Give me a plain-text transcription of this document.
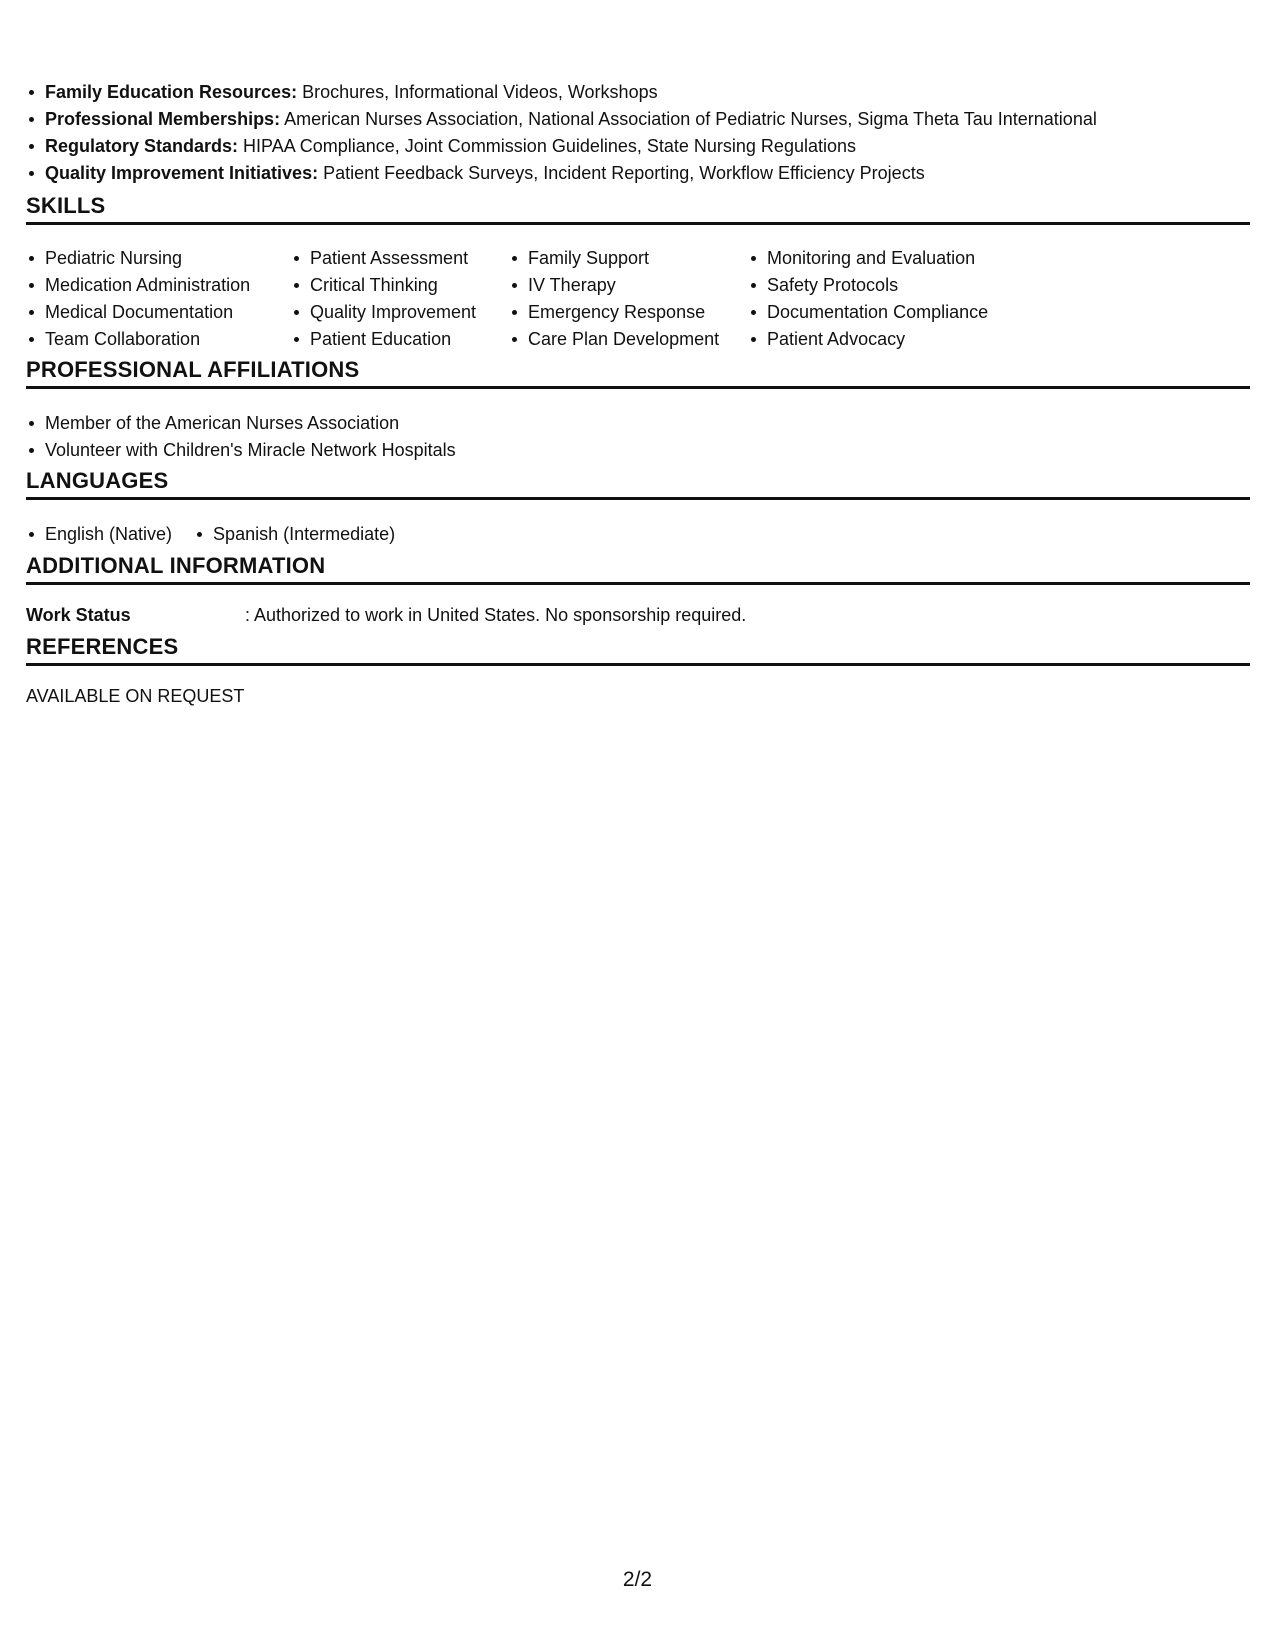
Family Education Resources: Brochures, Informational Videos, Workshops
Professional Memberships: American Nurses Association, National Association of Pediatric Nurses, Sigma Theta Tau International
Regulatory Standards: HIPAA Compliance, Joint Commission Guidelines, State Nursing Regulations
Quality Improvement Initiatives: Patient Feedback Surveys, Incident Reporting, Workflow Efficiency Projects
SKILLS
Pediatric Nursing
Medication Administration
Medical Documentation
Team Collaboration
Patient Assessment
Critical Thinking
Quality Improvement
Patient Education
Family Support
IV Therapy
Emergency Response
Care Plan Development
Monitoring and Evaluation
Safety Protocols
Documentation Compliance
Patient Advocacy
PROFESSIONAL AFFILIATIONS
Member of the American Nurses Association
Volunteer with Children's Miracle Network Hospitals
LANGUAGES
English (Native)	Spanish (Intermediate)
ADDITIONAL INFORMATION
Work Status	: Authorized to work in United States. No sponsorship required.
REFERENCES
AVAILABLE ON REQUEST
2/2
